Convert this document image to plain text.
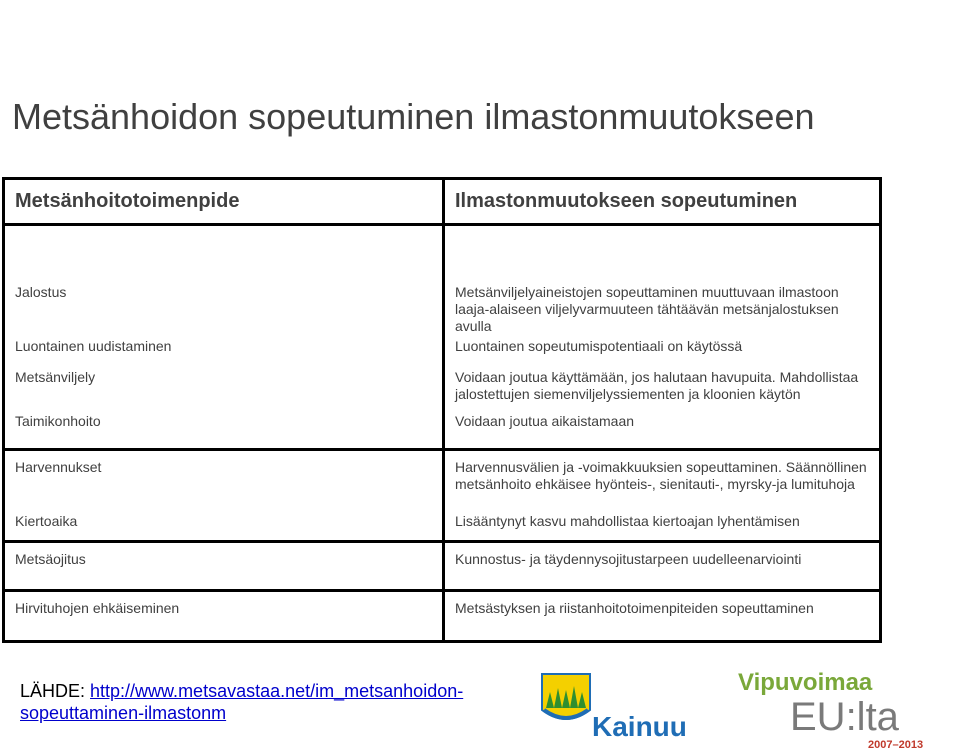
Metsänhoidon sopeutuminen ilmastonmuutokseen
Metsänhoitotoimenpide	Ilmastonmuutokseen sopeutuminen
Jalostus	Metsänviljelyaineistojen sopeuttaminen muuttuvaan ilmastoon laaja-alaiseen viljelyvarmuuteen tähtäävän metsänjalostuksen avulla
Luontainen uudistaminen	Luontainen sopeutumispotentiaali on käytössä
Metsänviljely	Voidaan joutua käyttämään, jos halutaan havupuita. Mahdollistaa jalostettujen siemenviljelyssiementen ja kloonien käytön
Taimikonhoito	Voidaan joutua aikaistamaan
Harvennukset	Harvennusvälien ja -voimakkuuksien sopeuttaminen. Säännöllinen metsänhoito ehkäisee hyönteis-, sienitauti-, myrsky-ja lumituhoja
Kiertoaika	Lisääntynyt kasvu mahdollistaa kiertoajan lyhentämisen
Metsäojitus	Kunnostus- ja täydennysojitustarpeen uudelleenarviointi
Hirvituhojen ehkäiseminen	Metsästyksen ja riistanhoitotoimenpiteiden sopeuttaminen
LÄHDE: http://www.metsavastaa.net/im_metsanhoidon-
sopeuttaminen-ilmastonm	Kainuu
Vipuvoimaa
EU:lta
2007–2013
